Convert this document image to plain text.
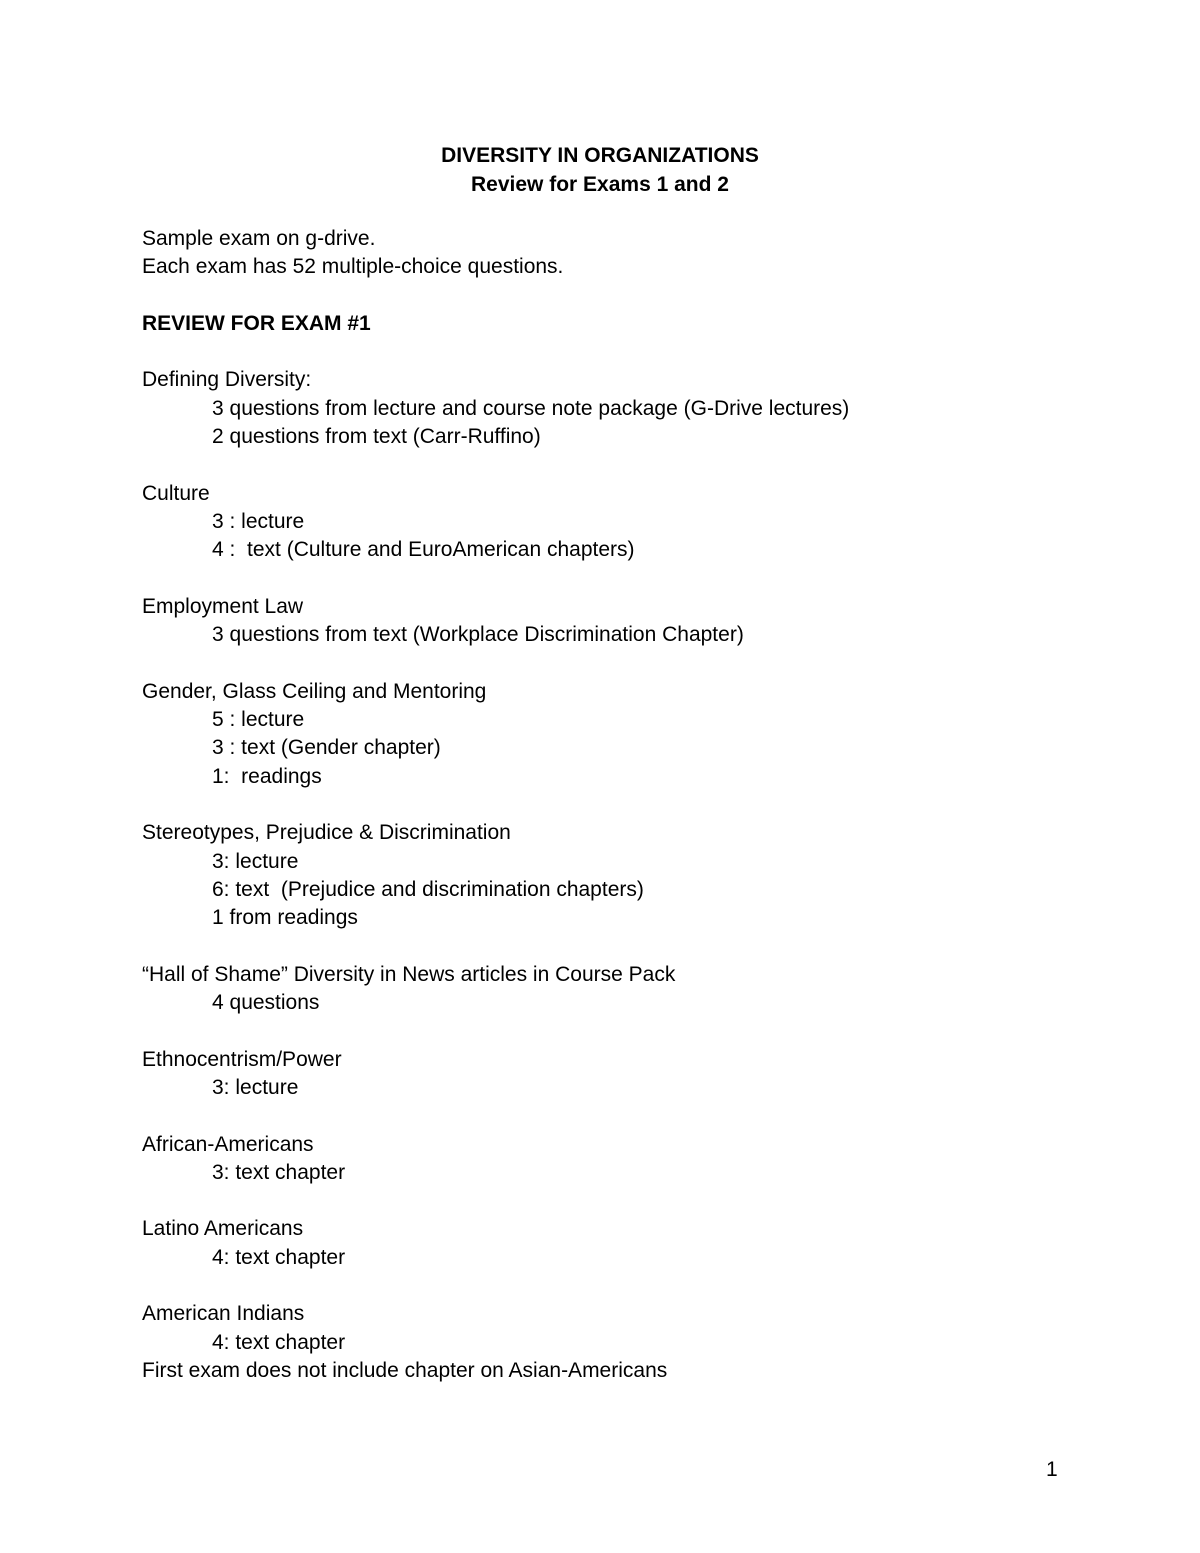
DIVERSITY IN ORGANIZATIONS
Review for Exams 1 and 2
Sample exam on g-drive.
Each exam has 52 multiple-choice questions.
REVIEW FOR EXAM #1
Defining Diversity:
3 questions from lecture and course note package (G-Drive lectures)
2 questions from text (Carr-Ruffino)
Culture
3 : lecture
4 :  text (Culture and EuroAmerican chapters)
Employment Law
3 questions from text (Workplace Discrimination Chapter)
Gender, Glass Ceiling and Mentoring
5 : lecture
3 : text (Gender chapter)
1:  readings
Stereotypes, Prejudice & Discrimination
3: lecture
6: text  (Prejudice and discrimination chapters)
1 from readings
“Hall of Shame” Diversity in News articles in Course Pack
4 questions
Ethnocentrism/Power
3: lecture
African-Americans
3: text chapter
Latino Americans
4: text chapter
American Indians
4: text chapter
First exam does not include chapter on Asian-Americans
1
